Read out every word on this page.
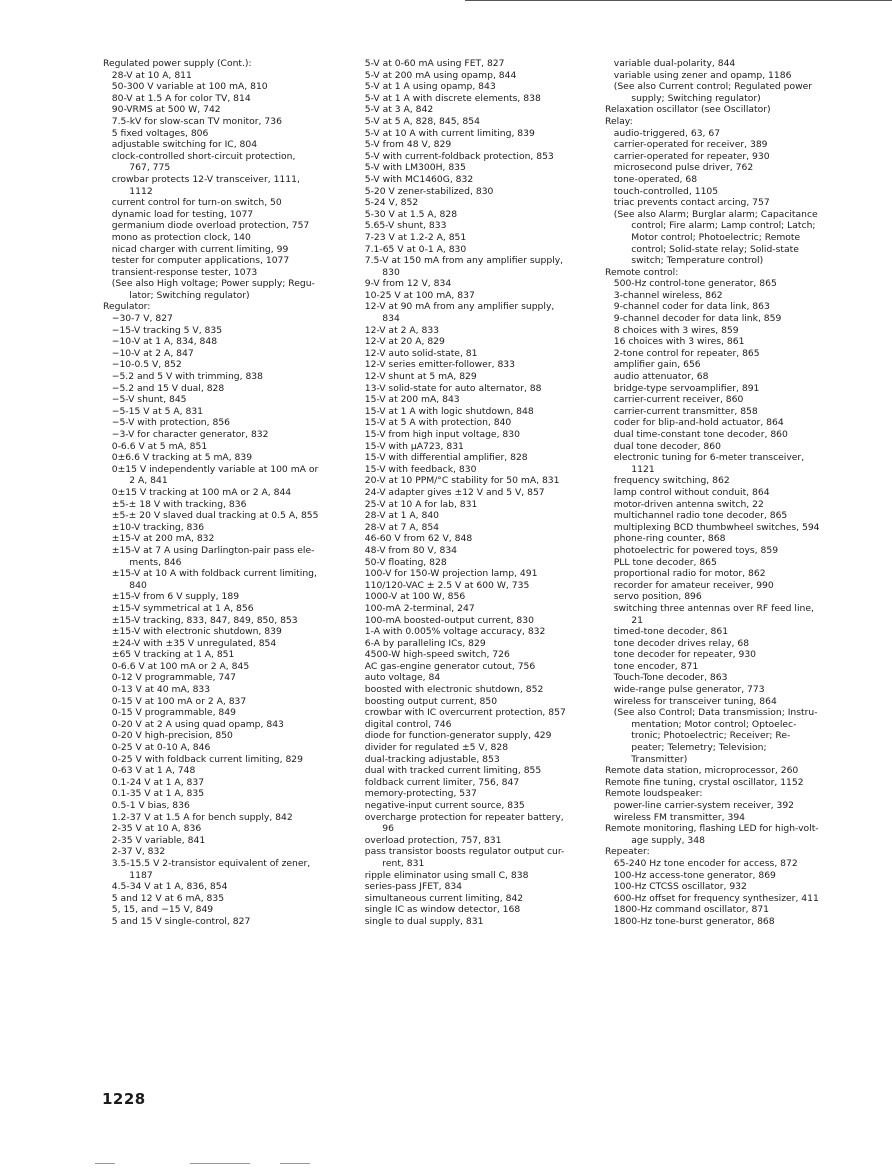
Regulated power supply (Cont.):
28-V at 10 A, 811
50-300 V variable at 100 mA, 810
80-V at 1.5 A for color TV, 814
90-VRMS at 500 W, 742
7.5-kV for slow-scan TV monitor, 736
5 fixed voltages, 806
adjustable switching for IC, 804
clock-controlled short-circuit protection,
767, 775
crowbar protects 12-V transceiver, 1111,
1112
current control for turn-on switch, 50
dynamic load for testing, 1077
germanium diode overload protection, 757
mono as protection clock, 140
nicad charger with current limiting, 99
tester for computer applications, 1077
transient-response tester, 1073
(See also High voltage; Power supply; Regu-
lator; Switching regulator)
Regulator:
−30-7 V, 827
−15-V tracking 5 V, 835
−10-V at 1 A, 834, 848
−10-V at 2 A, 847
−10-0.5 V, 852
−5.2 and 5 V with trimming, 838
−5.2 and 15 V dual, 828
−5-V shunt, 845
−5-15 V at 5 A, 831
−5-V with protection, 856
−3-V for character generator, 832
0-6.6 V at 5 mA, 851
0±6.6 V tracking at 5 mA, 839
0±15 V independently variable at 100 mA or
2 A, 841
0±15 V tracking at 100 mA or 2 A, 844
±5-± 18 V with tracking, 836
±5-± 20 V slaved dual tracking at 0.5 A, 855
±10-V tracking, 836
±15-V at 200 mA, 832
±15-V at 7 A using Darlington-pair pass ele-
ments, 846
±15-V at 10 A with foldback current limiting,
840
±15-V from 6 V supply, 189
±15-V symmetrical at 1 A, 856
±15-V tracking, 833, 847, 849, 850, 853
±15-V with electronic shutdown, 839
±24-V with ±35 V unregulated, 854
±65 V tracking at 1 A, 851
0-6.6 V at 100 mA or 2 A, 845
0-12 V programmable, 747
0-13 V at 40 mA, 833
0-15 V at 100 mA or 2 A, 837
0-15 V programmable, 849
0-20 V at 2 A using quad opamp, 843
0-20 V high-precision, 850
0-25 V at 0-10 A, 846
0-25 V with foldback current limiting, 829
0-63 V at 1 A, 748
0.1-24 V at 1 A, 837
0.1-35 V at 1 A, 835
0.5-1 V bias, 836
1.2-37 V at 1.5 A for bench supply, 842
2-35 V at 10 A, 836
2-35 V variable, 841
2-37 V, 832
3.5-15.5 V 2-transistor equivalent of zener,
1187
4.5-34 V at 1 A, 836, 854
5 and 12 V at 6 mA, 835
5, 15, and −15 V, 849
5 and 15 V single-control, 827
5-V at 0-60 mA using FET, 827
5-V at 200 mA using opamp, 844
5-V at 1 A using opamp, 843
5-V at 1 A with discrete elements, 838
5-V at 3 A, 842
5-V at 5 A, 828, 845, 854
5-V at 10 A with current limiting, 839
5-V from 48 V, 829
5-V with current-foldback protection, 853
5-V with LM300H, 835
5-V with MC1460G, 832
5-20 V zener-stabilized, 830
5-24 V, 852
5-30 V at 1.5 A, 828
5.65-V shunt, 833
7-23 V at 1.2-2 A, 851
7.1-65 V at 0-1 A, 830
7.5-V at 150 mA from any amplifier supply,
830
9-V from 12 V, 834
10-25 V at 100 mA, 837
12-V at 90 mA from any amplifier supply,
834
12-V at 2 A, 833
12-V at 20 A, 829
12-V auto solid-state, 81
12-V series emitter-follower, 833
12-V shunt at 5 mA, 829
13-V solid-state for auto alternator, 88
15-V at 200 mA, 843
15-V at 1 A with logic shutdown, 848
15-V at 5 A with protection, 840
15-V from high input voltage, 830
15-V with μA723, 831
15-V with differential amplifier, 828
15-V with feedback, 830
20-V at 10 PPM/°C stability for 50 mA, 831
24-V adapter gives ±12 V and 5 V, 857
25-V at 10 A for lab, 831
28-V at 1 A, 840
28-V at 7 A, 854
46-60 V from 62 V, 848
48-V from 80 V, 834
50-V floating, 828
100-V for 150-W projection lamp, 491
110/120-VAC ± 2.5 V at 600 W, 735
1000-V at 100 W, 856
100-mA 2-terminal, 247
100-mA boosted-output current, 830
1-A with 0.005% voltage accuracy, 832
6-A by paralleling ICs, 829
4500-W high-speed switch, 726
AC gas-engine generator cutout, 756
auto voltage, 84
boosted with electronic shutdown, 852
boosting output current, 850
crowbar with IC overcurrent protection, 857
digital control, 746
diode for function-generator supply, 429
divider for regulated ±5 V, 828
dual-tracking adjustable, 853
dual with tracked current limiting, 855
foldback current limiter, 756, 847
memory-protecting, 537
negative-input current source, 835
overcharge protection for repeater battery,
96
overload protection, 757, 831
pass transistor boosts regulator output cur-
rent, 831
ripple eliminator using small C, 838
series-pass JFET, 834
simultaneous current limiting, 842
single IC as window detector, 168
single to dual supply, 831
variable dual-polarity, 844
variable using zener and opamp, 1186
(See also Current control; Regulated power
supply; Switching regulator)
Relaxation oscillator (see Oscillator)
Relay:
audio-triggered, 63, 67
carrier-operated for receiver, 389
carrier-operated for repeater, 930
microsecond pulse driver, 762
tone-operated, 68
touch-controlled, 1105
triac prevents contact arcing, 757
(See also Alarm; Burglar alarm; Capacitance
control; Fire alarm; Lamp control; Latch;
Motor control; Photoelectric; Remote
control; Solid-state relay; Solid-state
switch; Temperature control)
Remote control:
500-Hz control-tone generator, 865
3-channel wireless, 862
9-channel coder for data link, 863
9-channel decoder for data link, 859
8 choices with 3 wires, 859
16 choices with 3 wires, 861
2-tone control for repeater, 865
amplifier gain, 656
audio attenuator, 68
bridge-type servoamplifier, 891
carrier-current receiver, 860
carrier-current transmitter, 858
coder for blip-and-hold actuator, 864
dual time-constant tone decoder, 860
dual tone decoder, 860
electronic tuning for 6-meter transceiver,
1121
frequency switching, 862
lamp control without conduit, 864
motor-driven antenna switch, 22
multichannel radio tone decoder, 865
multiplexing BCD thumbwheel switches, 594
phone-ring counter, 868
photoelectric for powered toys, 859
PLL tone decoder, 865
proportional radio for motor, 862
recorder for amateur receiver, 990
servo position, 896
switching three antennas over RF feed line,
21
timed-tone decoder, 861
tone decoder drives relay, 68
tone decoder for repeater, 930
tone encoder, 871
Touch-Tone decoder, 863
wide-range pulse generator, 773
wireless for transceiver tuning, 864
(See also Control; Data transmission; Instru-
mentation; Motor control; Optoelec-
tronic; Photoelectric; Receiver; Re-
peater; Telemetry; Television;
Transmitter)
Remote data station, microprocessor, 260
Remote fine tuning, crystal oscillator, 1152
Remote loudspeaker:
power-line carrier-system receiver, 392
wireless FM transmitter, 394
Remote monitoring, flashing LED for high-volt-
age supply, 348
Repeater:
65-240 Hz tone encoder for access, 872
100-Hz access-tone generator, 869
100-Hz CTCSS oscillator, 932
600-Hz offset for frequency synthesizer, 411
1800-Hz command oscillator, 871
1800-Hz tone-burst generator, 868
1228
